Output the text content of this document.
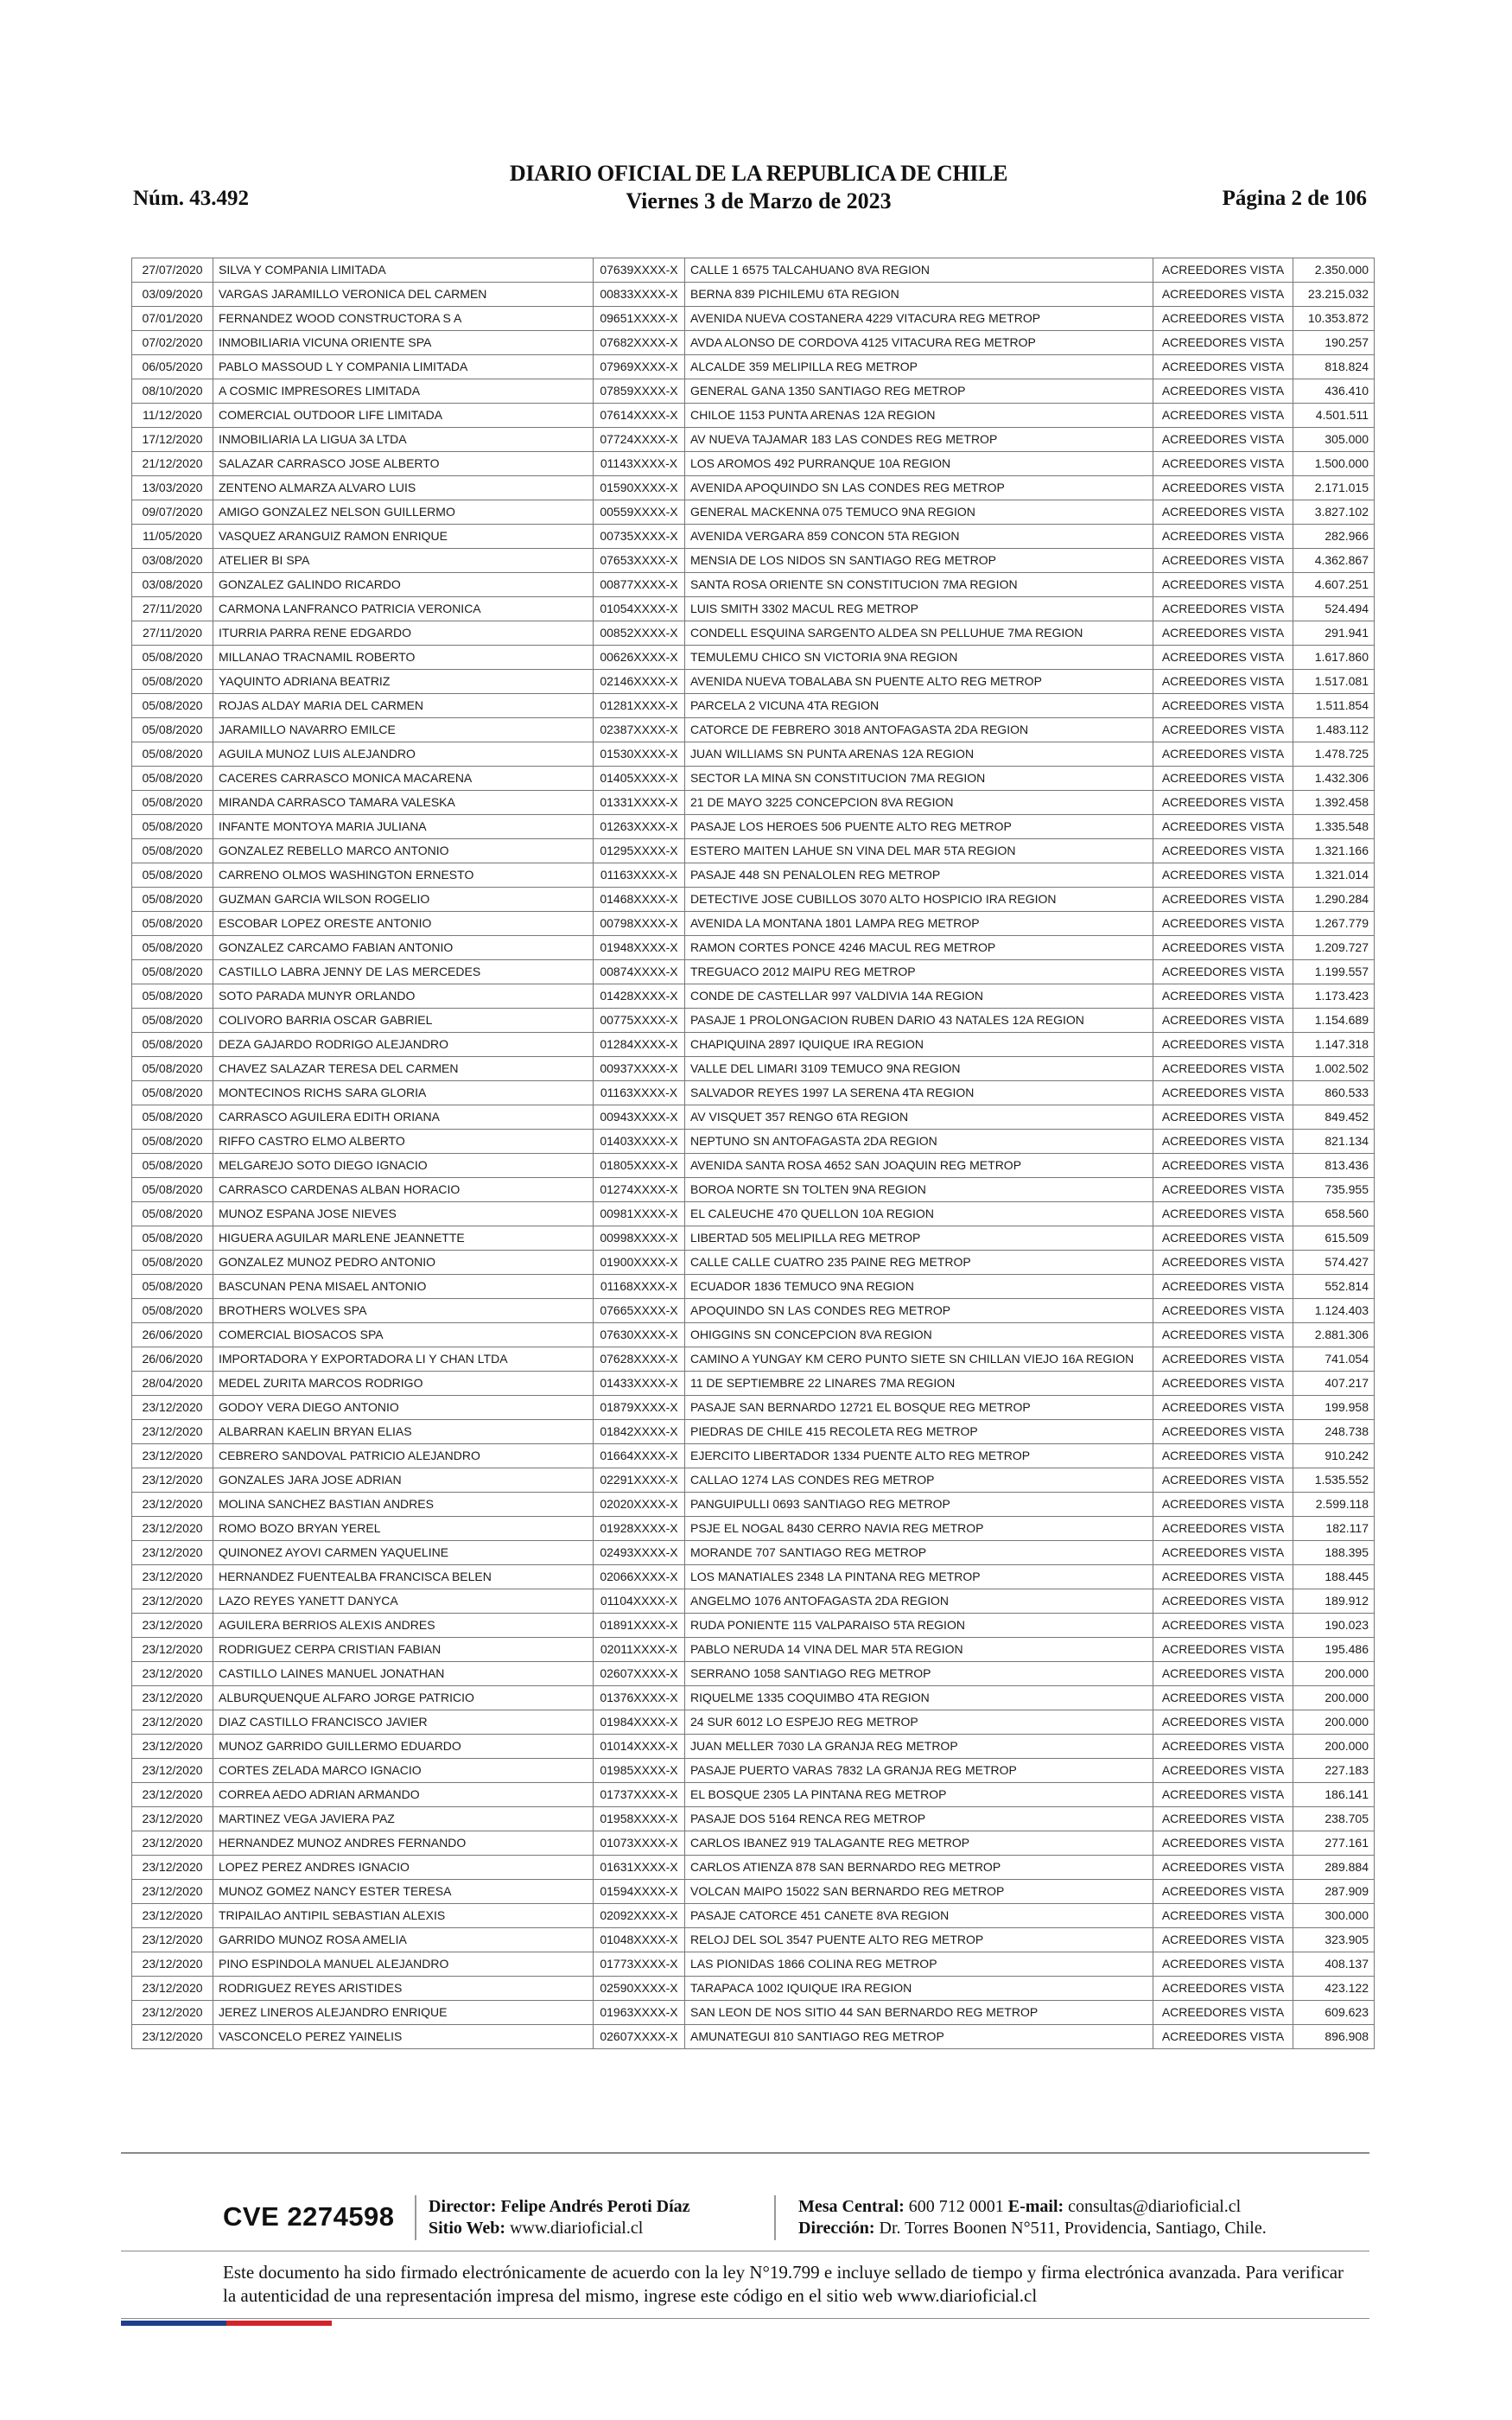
Núm. 43.492
DIARIO OFICIAL DE LA REPUBLICA DE CHILE
Viernes 3 de Marzo de 2023	Página 2 de 106
27/07/2020	SILVA Y COMPANIA LIMITADA	07639XXXX-X	CALLE 1 6575 TALCAHUANO 8VA REGION	ACREEDORES VISTA	2.350.000
03/09/2020	VARGAS JARAMILLO VERONICA DEL CARMEN	00833XXXX-X	BERNA 839 PICHILEMU 6TA REGION	ACREEDORES VISTA	23.215.032
07/01/2020	FERNANDEZ WOOD CONSTRUCTORA S A	09651XXXX-X	AVENIDA NUEVA COSTANERA 4229 VITACURA REG METROP	ACREEDORES VISTA	10.353.872
07/02/2020	INMOBILIARIA VICUNA ORIENTE SPA	07682XXXX-X	AVDA ALONSO DE CORDOVA 4125 VITACURA REG METROP	ACREEDORES VISTA	190.257
06/05/2020	PABLO MASSOUD L Y COMPANIA LIMITADA	07969XXXX-X	ALCALDE 359 MELIPILLA REG METROP	ACREEDORES VISTA	818.824
08/10/2020	A COSMIC IMPRESORES LIMITADA	07859XXXX-X	GENERAL GANA 1350 SANTIAGO REG METROP	ACREEDORES VISTA	436.410
11/12/2020	COMERCIAL OUTDOOR LIFE LIMITADA	07614XXXX-X	CHILOE 1153 PUNTA ARENAS 12A REGION	ACREEDORES VISTA	4.501.511
17/12/2020	INMOBILIARIA LA LIGUA 3A LTDA	07724XXXX-X	AV NUEVA TAJAMAR 183 LAS CONDES REG METROP	ACREEDORES VISTA	305.000
21/12/2020	SALAZAR CARRASCO JOSE ALBERTO	01143XXXX-X	LOS AROMOS 492 PURRANQUE 10A REGION	ACREEDORES VISTA	1.500.000
13/03/2020	ZENTENO ALMARZA ALVARO LUIS	01590XXXX-X	AVENIDA APOQUINDO SN LAS CONDES REG METROP	ACREEDORES VISTA	2.171.015
09/07/2020	AMIGO GONZALEZ NELSON GUILLERMO	00559XXXX-X	GENERAL MACKENNA 075 TEMUCO 9NA REGION	ACREEDORES VISTA	3.827.102
11/05/2020	VASQUEZ ARANGUIZ RAMON ENRIQUE	00735XXXX-X	AVENIDA VERGARA 859 CONCON 5TA REGION	ACREEDORES VISTA	282.966
03/08/2020	ATELIER BI SPA	07653XXXX-X	MENSIA DE LOS NIDOS SN SANTIAGO REG METROP	ACREEDORES VISTA	4.362.867
03/08/2020	GONZALEZ GALINDO RICARDO	00877XXXX-X	SANTA ROSA ORIENTE SN CONSTITUCION 7MA REGION	ACREEDORES VISTA	4.607.251
27/11/2020	CARMONA LANFRANCO PATRICIA VERONICA	01054XXXX-X	LUIS SMITH 3302 MACUL REG METROP	ACREEDORES VISTA	524.494
27/11/2020	ITURRIA PARRA RENE EDGARDO	00852XXXX-X	CONDELL ESQUINA SARGENTO ALDEA SN PELLUHUE 7MA REGION	ACREEDORES VISTA	291.941
05/08/2020	MILLANAO TRACNAMIL ROBERTO	00626XXXX-X	TEMULEMU CHICO SN VICTORIA 9NA REGION	ACREEDORES VISTA	1.617.860
05/08/2020	YAQUINTO ADRIANA BEATRIZ	02146XXXX-X	AVENIDA NUEVA TOBALABA SN PUENTE ALTO REG METROP	ACREEDORES VISTA	1.517.081
05/08/2020	ROJAS ALDAY MARIA DEL CARMEN	01281XXXX-X	PARCELA 2 VICUNA 4TA REGION	ACREEDORES VISTA	1.511.854
05/08/2020	JARAMILLO NAVARRO EMILCE	02387XXXX-X	CATORCE DE FEBRERO 3018 ANTOFAGASTA 2DA REGION	ACREEDORES VISTA	1.483.112
05/08/2020	AGUILA MUNOZ LUIS ALEJANDRO	01530XXXX-X	JUAN WILLIAMS SN PUNTA ARENAS 12A REGION	ACREEDORES VISTA	1.478.725
05/08/2020	CACERES CARRASCO MONICA MACARENA	01405XXXX-X	SECTOR LA MINA SN CONSTITUCION 7MA REGION	ACREEDORES VISTA	1.432.306
05/08/2020	MIRANDA CARRASCO TAMARA VALESKA	01331XXXX-X	21 DE MAYO 3225 CONCEPCION 8VA REGION	ACREEDORES VISTA	1.392.458
05/08/2020	INFANTE MONTOYA MARIA JULIANA	01263XXXX-X	PASAJE LOS HEROES 506 PUENTE ALTO REG METROP	ACREEDORES VISTA	1.335.548
05/08/2020	GONZALEZ REBELLO MARCO ANTONIO	01295XXXX-X	ESTERO MAITEN LAHUE SN VINA DEL MAR 5TA REGION	ACREEDORES VISTA	1.321.166
05/08/2020	CARRENO OLMOS WASHINGTON ERNESTO	01163XXXX-X	PASAJE 448 SN PENALOLEN REG METROP	ACREEDORES VISTA	1.321.014
05/08/2020	GUZMAN GARCIA WILSON ROGELIO	01468XXXX-X	DETECTIVE JOSE CUBILLOS 3070 ALTO HOSPICIO IRA REGION	ACREEDORES VISTA	1.290.284
05/08/2020	ESCOBAR LOPEZ ORESTE ANTONIO	00798XXXX-X	AVENIDA LA MONTANA 1801 LAMPA REG METROP	ACREEDORES VISTA	1.267.779
05/08/2020	GONZALEZ CARCAMO FABIAN ANTONIO	01948XXXX-X	RAMON CORTES PONCE 4246 MACUL REG METROP	ACREEDORES VISTA	1.209.727
05/08/2020	CASTILLO LABRA JENNY DE LAS MERCEDES	00874XXXX-X	TREGUACO 2012 MAIPU REG METROP	ACREEDORES VISTA	1.199.557
05/08/2020	SOTO PARADA MUNYR ORLANDO	01428XXXX-X	CONDE DE CASTELLAR 997 VALDIVIA 14A REGION	ACREEDORES VISTA	1.173.423
05/08/2020	COLIVORO BARRIA OSCAR GABRIEL	00775XXXX-X	PASAJE 1 PROLONGACION RUBEN DARIO 43 NATALES 12A REGION	ACREEDORES VISTA	1.154.689
05/08/2020	DEZA GAJARDO RODRIGO ALEJANDRO	01284XXXX-X	CHAPIQUINA 2897 IQUIQUE IRA REGION	ACREEDORES VISTA	1.147.318
05/08/2020	CHAVEZ SALAZAR TERESA DEL CARMEN	00937XXXX-X	VALLE DEL LIMARI 3109 TEMUCO 9NA REGION	ACREEDORES VISTA	1.002.502
05/08/2020	MONTECINOS RICHS SARA GLORIA	01163XXXX-X	SALVADOR REYES 1997 LA SERENA 4TA REGION	ACREEDORES VISTA	860.533
05/08/2020	CARRASCO AGUILERA EDITH ORIANA	00943XXXX-X	AV VISQUET 357 RENGO 6TA REGION	ACREEDORES VISTA	849.452
05/08/2020	RIFFO CASTRO ELMO ALBERTO	01403XXXX-X	NEPTUNO SN ANTOFAGASTA 2DA REGION	ACREEDORES VISTA	821.134
05/08/2020	MELGAREJO SOTO DIEGO IGNACIO	01805XXXX-X	AVENIDA SANTA ROSA 4652 SAN JOAQUIN REG METROP	ACREEDORES VISTA	813.436
05/08/2020	CARRASCO CARDENAS ALBAN HORACIO	01274XXXX-X	BOROA NORTE SN TOLTEN 9NA REGION	ACREEDORES VISTA	735.955
05/08/2020	MUNOZ ESPANA JOSE NIEVES	00981XXXX-X	EL CALEUCHE 470 QUELLON 10A REGION	ACREEDORES VISTA	658.560
05/08/2020	HIGUERA AGUILAR MARLENE JEANNETTE	00998XXXX-X	LIBERTAD 505 MELIPILLA REG METROP	ACREEDORES VISTA	615.509
05/08/2020	GONZALEZ MUNOZ PEDRO ANTONIO	01900XXXX-X	CALLE CALLE CUATRO 235 PAINE REG METROP	ACREEDORES VISTA	574.427
05/08/2020	BASCUNAN PENA MISAEL ANTONIO	01168XXXX-X	ECUADOR 1836 TEMUCO 9NA REGION	ACREEDORES VISTA	552.814
05/08/2020	BROTHERS WOLVES SPA	07665XXXX-X	APOQUINDO SN LAS CONDES REG METROP	ACREEDORES VISTA	1.124.403
26/06/2020	COMERCIAL BIOSACOS SPA	07630XXXX-X	OHIGGINS SN CONCEPCION 8VA REGION	ACREEDORES VISTA	2.881.306
26/06/2020	IMPORTADORA Y EXPORTADORA LI Y CHAN LTDA	07628XXXX-X	CAMINO A YUNGAY KM CERO PUNTO SIETE SN CHILLAN VIEJO 16A REGION	ACREEDORES VISTA	741.054
28/04/2020	MEDEL ZURITA MARCOS RODRIGO	01433XXXX-X	11 DE SEPTIEMBRE 22 LINARES 7MA REGION	ACREEDORES VISTA	407.217
23/12/2020	GODOY VERA DIEGO ANTONIO	01879XXXX-X	PASAJE SAN BERNARDO 12721 EL BOSQUE REG METROP	ACREEDORES VISTA	199.958
23/12/2020	ALBARRAN KAELIN BRYAN ELIAS	01842XXXX-X	PIEDRAS DE CHILE 415 RECOLETA REG METROP	ACREEDORES VISTA	248.738
23/12/2020	CEBRERO SANDOVAL PATRICIO ALEJANDRO	01664XXXX-X	EJERCITO LIBERTADOR 1334 PUENTE ALTO REG METROP	ACREEDORES VISTA	910.242
23/12/2020	GONZALES JARA JOSE ADRIAN	02291XXXX-X	CALLAO 1274 LAS CONDES REG METROP	ACREEDORES VISTA	1.535.552
23/12/2020	MOLINA SANCHEZ BASTIAN ANDRES	02020XXXX-X	PANGUIPULLI 0693 SANTIAGO REG METROP	ACREEDORES VISTA	2.599.118
23/12/2020	ROMO BOZO BRYAN YEREL	01928XXXX-X	PSJE EL NOGAL 8430 CERRO NAVIA REG METROP	ACREEDORES VISTA	182.117
23/12/2020	QUINONEZ AYOVI CARMEN YAQUELINE	02493XXXX-X	MORANDE 707 SANTIAGO REG METROP	ACREEDORES VISTA	188.395
23/12/2020	HERNANDEZ FUENTEALBA FRANCISCA BELEN	02066XXXX-X	LOS MANATIALES 2348 LA PINTANA REG METROP	ACREEDORES VISTA	188.445
23/12/2020	LAZO REYES YANETT DANYCA	01104XXXX-X	ANGELMO 1076 ANTOFAGASTA 2DA REGION	ACREEDORES VISTA	189.912
23/12/2020	AGUILERA BERRIOS ALEXIS ANDRES	01891XXXX-X	RUDA PONIENTE 115 VALPARAISO 5TA REGION	ACREEDORES VISTA	190.023
23/12/2020	RODRIGUEZ CERPA CRISTIAN FABIAN	02011XXXX-X	PABLO NERUDA 14 VINA DEL MAR 5TA REGION	ACREEDORES VISTA	195.486
23/12/2020	CASTILLO LAINES MANUEL JONATHAN	02607XXXX-X	SERRANO 1058 SANTIAGO REG METROP	ACREEDORES VISTA	200.000
23/12/2020	ALBURQUENQUE ALFARO JORGE PATRICIO	01376XXXX-X	RIQUELME 1335 COQUIMBO 4TA REGION	ACREEDORES VISTA	200.000
23/12/2020	DIAZ CASTILLO FRANCISCO JAVIER	01984XXXX-X	24 SUR 6012 LO ESPEJO REG METROP	ACREEDORES VISTA	200.000
23/12/2020	MUNOZ GARRIDO GUILLERMO EDUARDO	01014XXXX-X	JUAN MELLER 7030 LA GRANJA REG METROP	ACREEDORES VISTA	200.000
23/12/2020	CORTES ZELADA MARCO IGNACIO	01985XXXX-X	PASAJE PUERTO VARAS 7832 LA GRANJA REG METROP	ACREEDORES VISTA	227.183
23/12/2020	CORREA AEDO ADRIAN ARMANDO	01737XXXX-X	EL BOSQUE 2305 LA PINTANA REG METROP	ACREEDORES VISTA	186.141
23/12/2020	MARTINEZ VEGA JAVIERA PAZ	01958XXXX-X	PASAJE DOS 5164 RENCA REG METROP	ACREEDORES VISTA	238.705
23/12/2020	HERNANDEZ MUNOZ ANDRES FERNANDO	01073XXXX-X	CARLOS IBANEZ 919 TALAGANTE REG METROP	ACREEDORES VISTA	277.161
23/12/2020	LOPEZ PEREZ ANDRES IGNACIO	01631XXXX-X	CARLOS ATIENZA 878 SAN BERNARDO REG METROP	ACREEDORES VISTA	289.884
23/12/2020	MUNOZ GOMEZ NANCY ESTER TERESA	01594XXXX-X	VOLCAN MAIPO 15022 SAN BERNARDO REG METROP	ACREEDORES VISTA	287.909
23/12/2020	TRIPAILAO ANTIPIL SEBASTIAN ALEXIS	02092XXXX-X	PASAJE CATORCE 451 CANETE 8VA REGION	ACREEDORES VISTA	300.000
23/12/2020	GARRIDO MUNOZ ROSA AMELIA	01048XXXX-X	RELOJ DEL SOL 3547 PUENTE ALTO REG METROP	ACREEDORES VISTA	323.905
23/12/2020	PINO ESPINDOLA MANUEL ALEJANDRO	01773XXXX-X	LAS PIONIDAS 1866 COLINA REG METROP	ACREEDORES VISTA	408.137
23/12/2020	RODRIGUEZ REYES ARISTIDES	02590XXXX-X	TARAPACA 1002 IQUIQUE IRA REGION	ACREEDORES VISTA	423.122
23/12/2020	JEREZ LINEROS ALEJANDRO ENRIQUE	01963XXXX-X	SAN LEON DE NOS SITIO 44 SAN BERNARDO REG METROP	ACREEDORES VISTA	609.623
23/12/2020	VASCONCELO PEREZ YAINELIS	02607XXXX-X	AMUNATEGUI 810 SANTIAGO REG METROP	ACREEDORES VISTA	896.908
CVE 2274598 Director: Felipe Andrés Peroti Díaz
Sitio Web: www.diarioficial.cl
Mesa Central: 600 712 0001 E-mail: consultas@diarioficial.cl
Dirección: Dr. Torres Boonen N°511, Providencia, Santiago, Chile.
Este documento ha sido firmado electrónicamente de acuerdo con la ley N°19.799 e incluye sellado de tiempo y firma electrónica avanzada. Para verificar la autenticidad de una representación impresa del mismo, ingrese este código en el sitio web www.diarioficial.cl
